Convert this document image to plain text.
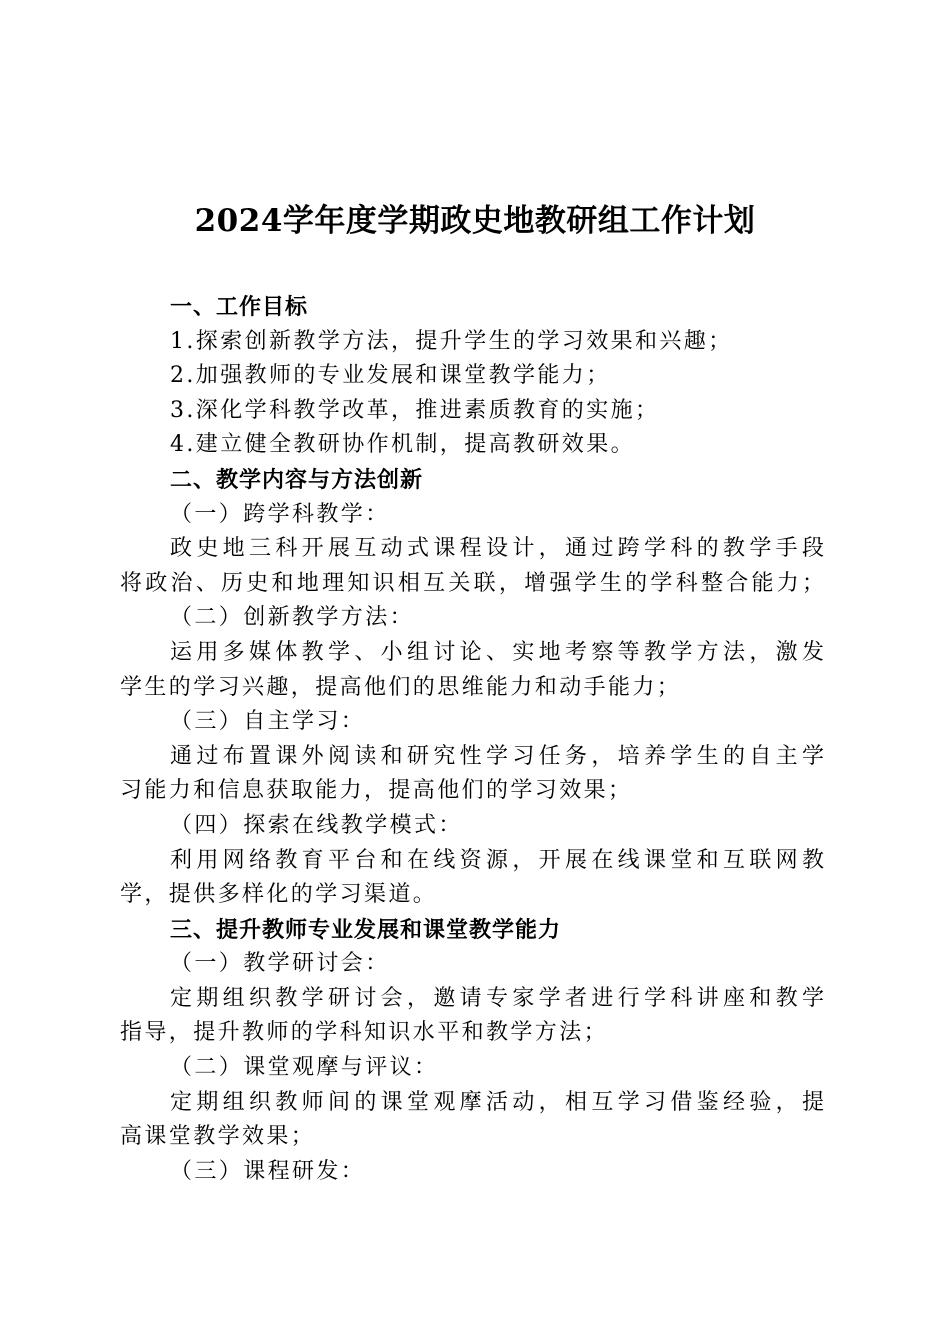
2024学年度学期政史地教研组工作计划

一、工作目标

1.探索创新教学方法，提升学生的学习效果和兴趣；

2.加强教师的专业发展和课堂教学能力；

3.深化学科教学改革，推进素质教育的实施；

4.建立健全教研协作机制，提高教研效果。

二、教学内容与方法创新

（一）跨学科教学：

政史地三科开展互动式课程设计，通过跨学科的教学手段

将政治、历史和地理知识相互关联，增强学生的学科整合能力；

（二）创新教学方法：

运用多媒体教学、小组讨论、实地考察等教学方法，激发

学生的学习兴趣，提高他们的思维能力和动手能力；

（三）自主学习：

通过布置课外阅读和研究性学习任务，培养学生的自主学

习能力和信息获取能力，提高他们的学习效果；

（四）探索在线教学模式：

利用网络教育平台和在线资源，开展在线课堂和互联网教

学，提供多样化的学习渠道。

三、提升教师专业发展和课堂教学能力

（一）教学研讨会：

定期组织教学研讨会，邀请专家学者进行学科讲座和教学

指导，提升教师的学科知识水平和教学方法；

（二）课堂观摩与评议：

定期组织教师间的课堂观摩活动，相互学习借鉴经验，提

高课堂教学效果；

（三）课程研发：
